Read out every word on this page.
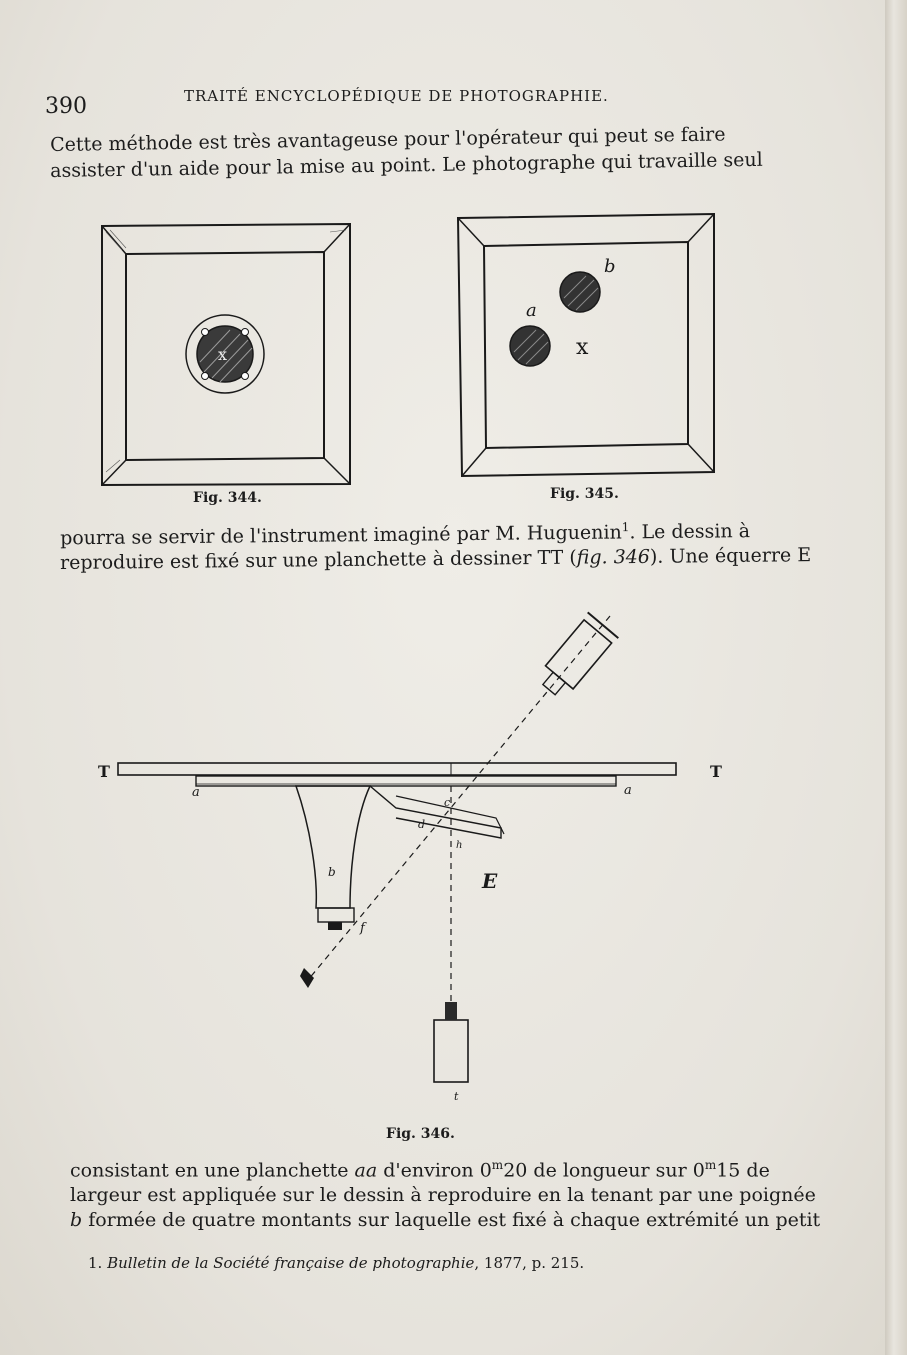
390	TRAITÉ ENCYCLOPÉDIQUE DE PHOTOGRAPHIE.
Cette méthode est très avantageuse pour l'opérateur qui peut se faire
assister d'un aide pour la mise au point. Le photographe qui travaille seul
x
Fig. 344.
a
b
x
Fig. 345.
pourra se servir de l'instrument imaginé par M. Huguenin$^1$. Le dessin à
reproduire est fixé sur une planchette à dessiner TT (fig. 346). Une équerre E
T	T
a	a
b	E
f
c
d
h
t
Fig. 346.
consistant en une planchette aa d'environ 0$^m$20 de longueur sur 0$^m$15 de
largeur est appliquée sur le dessin à reproduire en la tenant par une poignée
b formée de quatre montants sur laquelle est fixé à chaque extrémité un petit
1. Bulletin de la Société française de photographie, 1877, p. 215.
